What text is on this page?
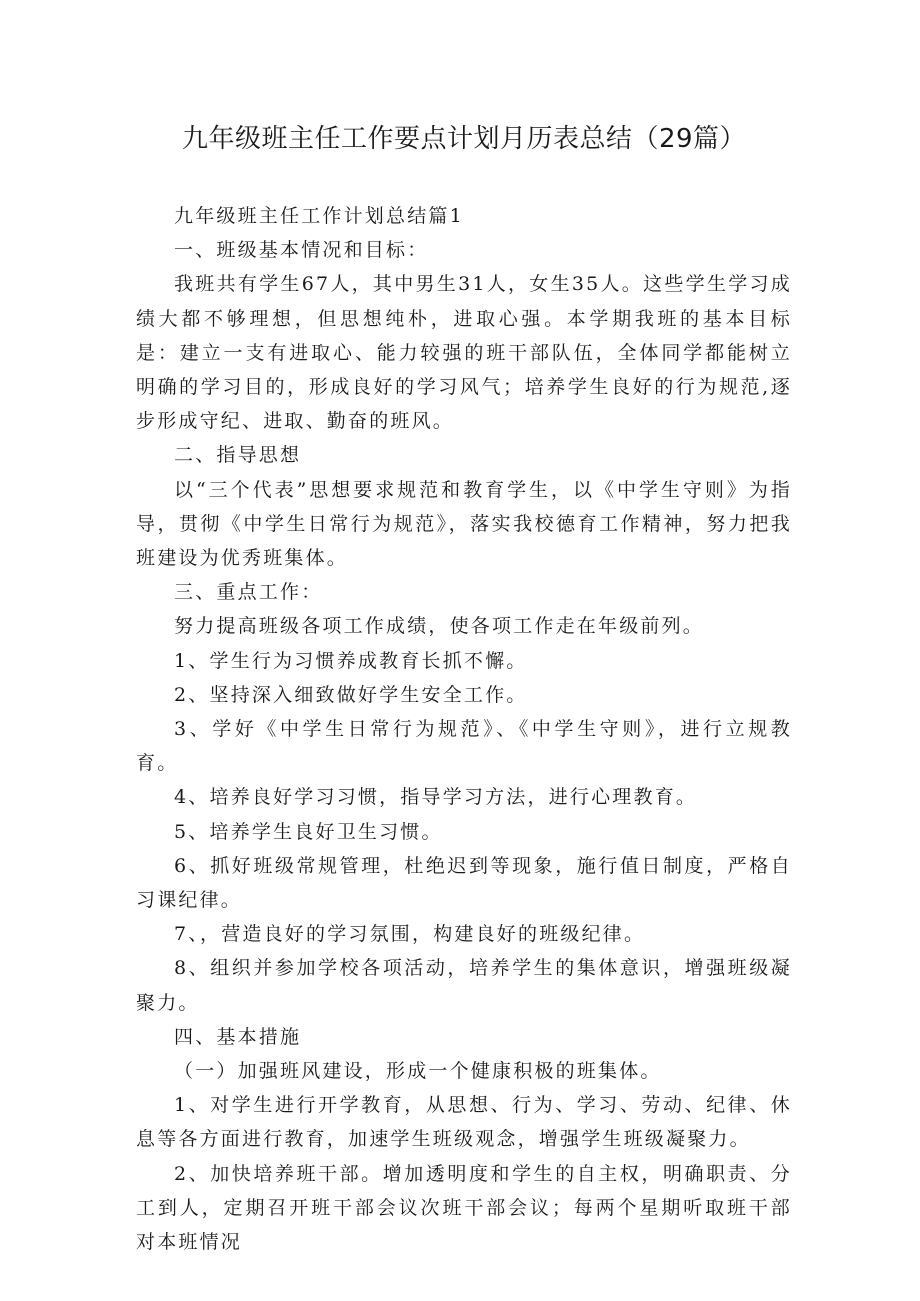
九年级班主任工作要点计划月历表总结（29篇）

九年级班主任工作计划总结篇1

一、班级基本情况和目标：

我班共有学生67人，其中男生31人，女生35人。这些学生学习成绩大都不够理想，但思想纯朴，进取心强。本学期我班的基本目标是：建立一支有进取心、能力较强的班干部队伍，全体同学都能树立明确的学习目的，形成良好的学习风气；培养学生良好的行为规范,逐步形成守纪、进取、勤奋的班风。

二、指导思想

以“三个代表”思想要求规范和教育学生，以《中学生守则》为指导，贯彻《中学生日常行为规范》，落实我校德育工作精神，努力把我班建设为优秀班集体。

三、重点工作：

努力提高班级各项工作成绩，使各项工作走在年级前列。

1、学生行为习惯养成教育长抓不懈。

2、坚持深入细致做好学生安全工作。

3、学好《中学生日常行为规范》、《中学生守则》，进行立规教育。

4、培养良好学习习惯，指导学习方法，进行心理教育。

5、培养学生良好卫生习惯。

6、抓好班级常规管理，杜绝迟到等现象，施行值日制度，严格自习课纪律。

7、，营造良好的学习氛围，构建良好的班级纪律。

8、组织并参加学校各项活动，培养学生的集体意识，增强班级凝聚力。

四、基本措施

（一）加强班风建设，形成一个健康积极的班集体。

1、对学生进行开学教育，从思想、行为、学习、劳动、纪律、休息等各方面进行教育，加速学生班级观念，增强学生班级凝聚力。

2、加快培养班干部。增加透明度和学生的自主权，明确职责、分工到人，定期召开班干部会议次班干部会议；每两个星期听取班干部对本班情况
